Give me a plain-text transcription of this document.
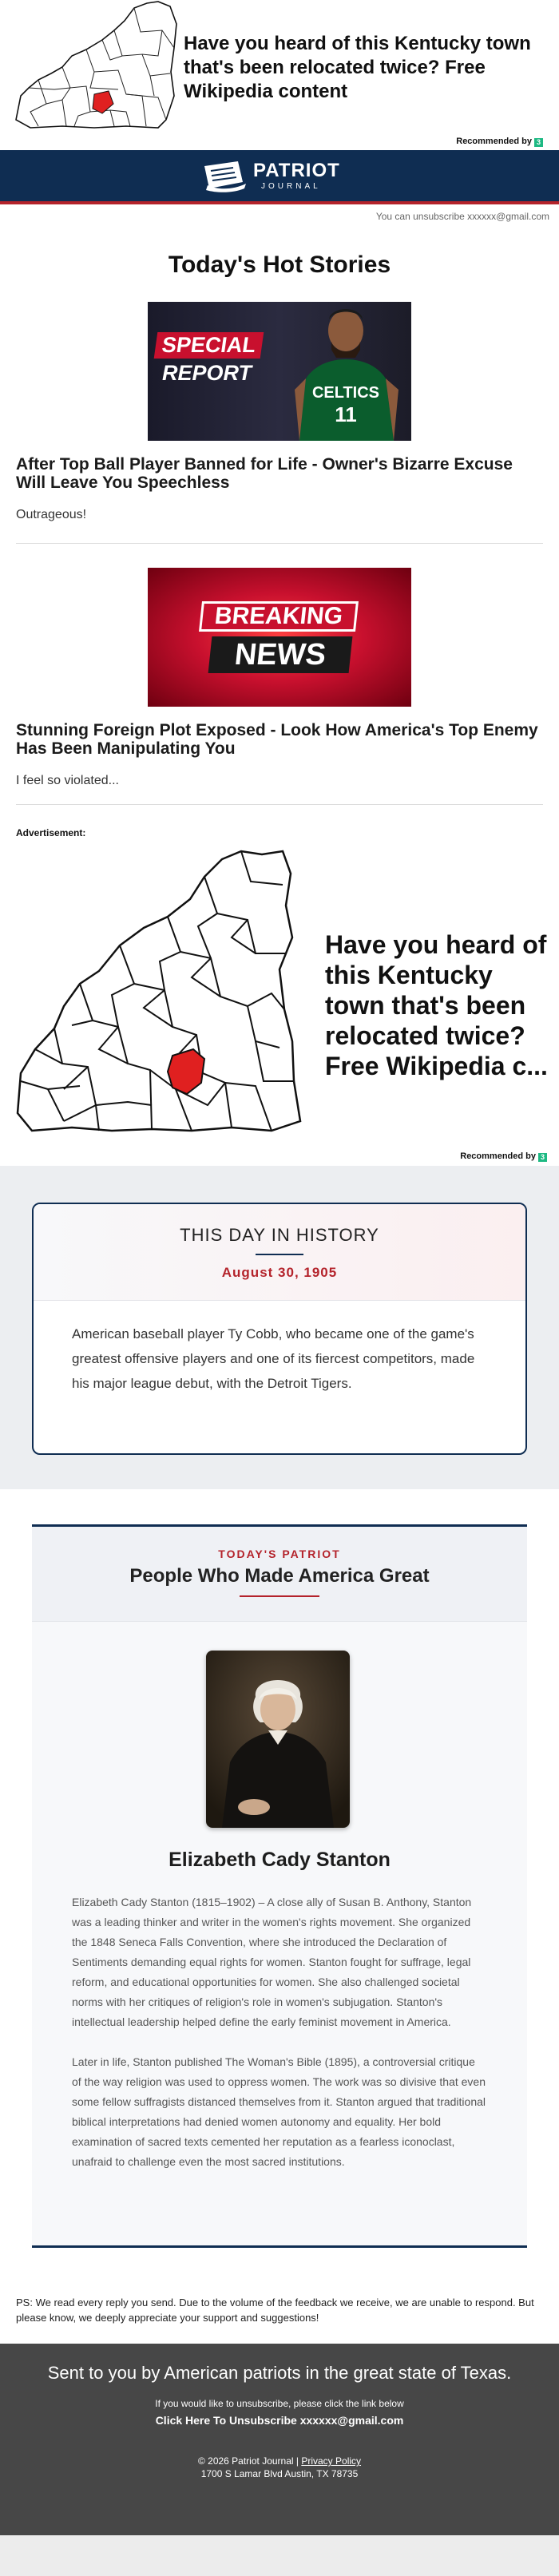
Have you heard of this Kentucky town that's been relocated twice? Free Wikipedia content
Recommended by 3
PATRIOT
JOURNAL
You can unsubscribe xxxxxx@gmail.com
Today's Hot Stories
SPECIAL
REPORT
CELTICS
11
After Top Ball Player Banned for Life - Owner's Bizarre Excuse Will Leave You Speechless
Outrageous!
BREAKING
NEWS
Stunning Foreign Plot Exposed - Look How America's Top Enemy Has Been Manipulating You
I feel so violated...
Advertisement:
Have you heard of this Kentucky town that's been relocated twice? Free Wikipedia c...
Recommended by 3
THIS DAY IN HISTORY
August 30, 1905
American baseball player Ty Cobb, who became one of the game's greatest offensive players and one of its fiercest competitors, made his major league debut, with the Detroit Tigers.
TODAY'S PATRIOT
People Who Made America Great
Elizabeth Cady Stanton

Elizabeth Cady Stanton (1815–1902) – A close ally of Susan B. Anthony, Stanton was a leading thinker and writer in the women's rights movement. She organized the 1848 Seneca Falls Convention, where she introduced the Declaration of Sentiments demanding equal rights for women. Stanton fought for suffrage, legal reform, and educational opportunities for women. She also challenged societal norms with her critiques of religion's role in women's subjugation. Stanton's intellectual leadership helped define the early feminist movement in America.

Later in life, Stanton published The Woman's Bible (1895), a controversial critique of the way religion was used to oppress women. The work was so divisive that even some fellow suffragists distanced themselves from it. Stanton argued that traditional biblical interpretations had denied women autonomy and equality. Her bold examination of sacred texts cemented her reputation as a fearless iconoclast, unafraid to challenge even the most sacred institutions.

PS: We read every reply you send. Due to the volume of the feedback we receive, we are unable to respond. But please know, we deeply appreciate your support and suggestions!
Sent to you by American patriots in the great state of Texas.
If you would like to unsubscribe, please click the link below
Click Here To Unsubscribe xxxxxx@gmail.com
© 2026 Patriot Journal | Privacy Policy
1700 S Lamar Blvd Austin, TX 78735
